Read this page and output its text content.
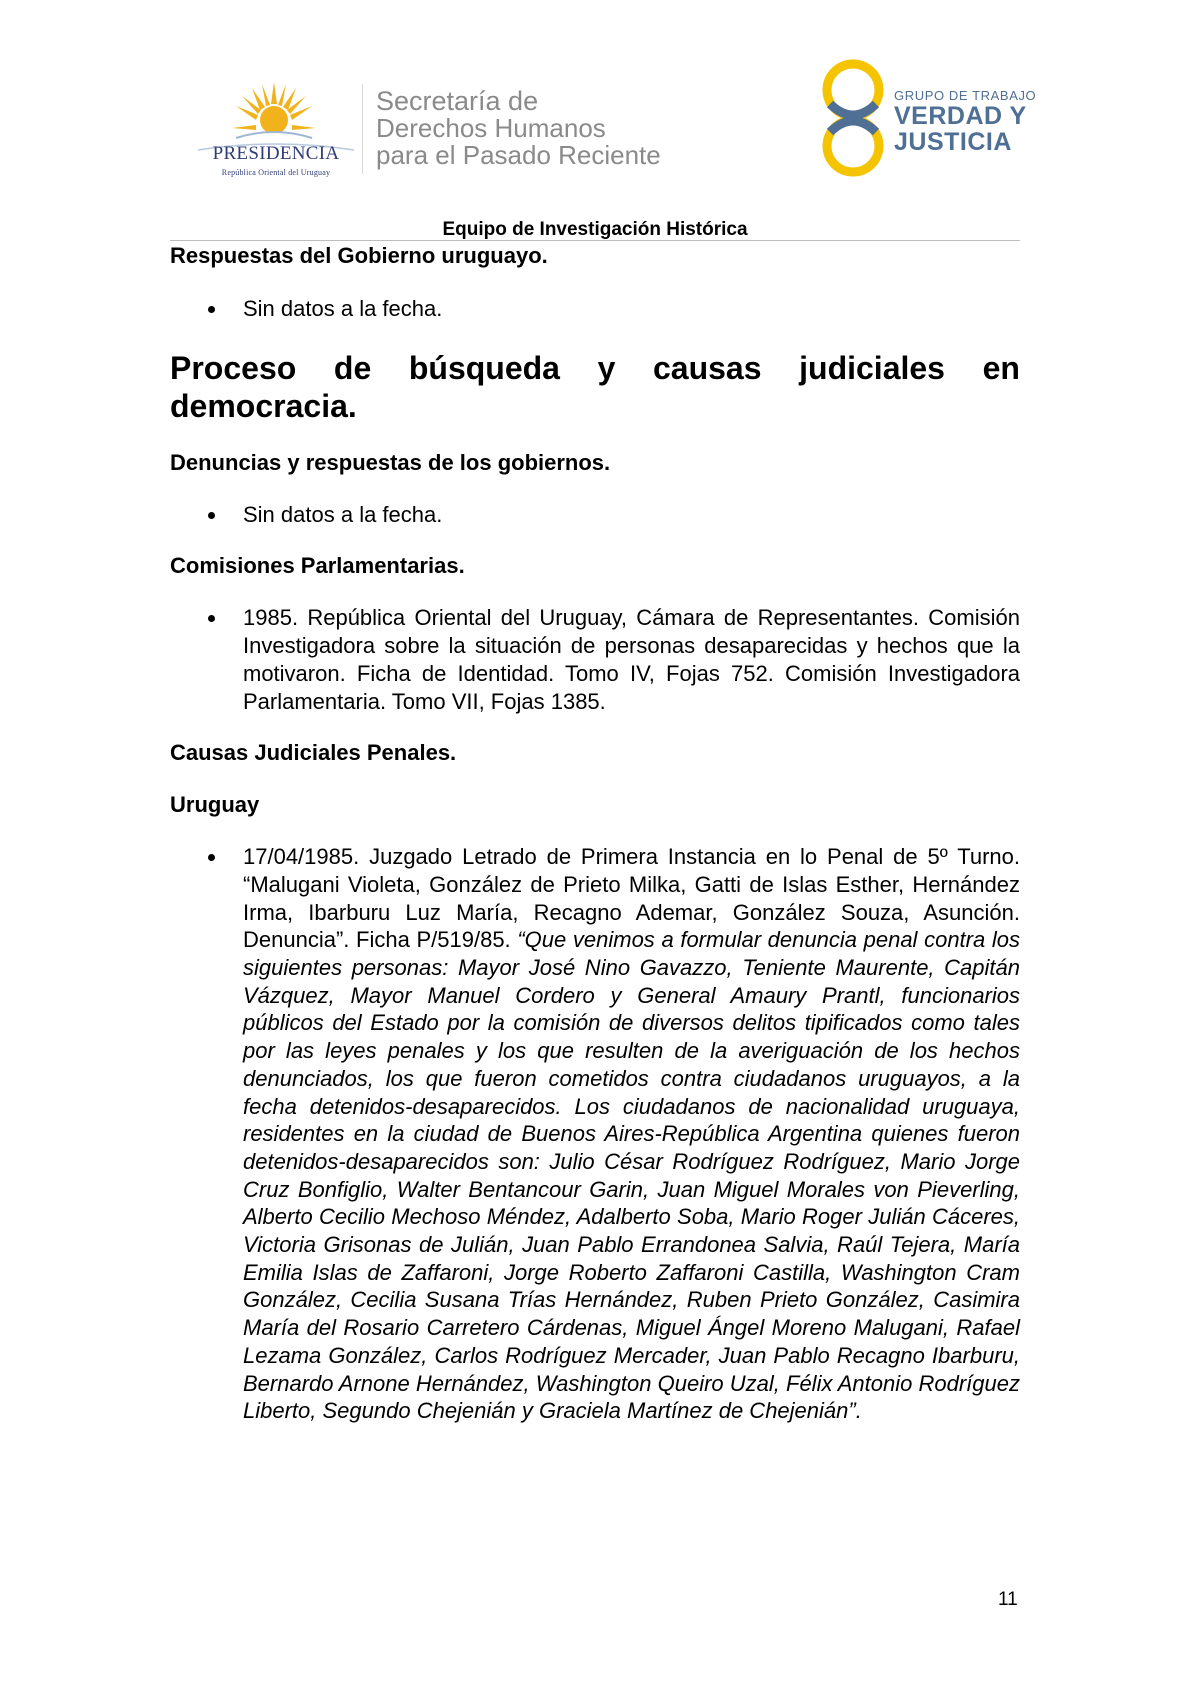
PRESIDENCIA
República Oriental del Uruguay
Secretaría de
Derechos Humanos
para el Pasado Reciente
GRUPO DE TRABAJO
VERDAD Y
JUSTICIA
Equipo de Investigación Histórica
Respuestas del Gobierno uruguayo.
Sin datos a la fecha.
Proceso de búsqueda y causas judiciales en
democracia.
Denuncias y respuestas de los gobiernos.
Sin datos a la fecha.
Comisiones Parlamentarias.
1985. República Oriental del Uruguay, Cámara de Representantes. Comisión Investigadora sobre la situación de personas desaparecidas y hechos que la motivaron. Ficha de Identidad. Tomo IV, Fojas 752. Comisión Investigadora Parlamentaria. Tomo VII, Fojas 1385.
Causas Judiciales Penales.
Uruguay
17/04/1985. Juzgado Letrado de Primera Instancia en lo Penal de 5º Turno. “Malugani Violeta, González de Prieto Milka, Gatti de Islas Esther, Hernández Irma, Ibarburu Luz María, Recagno Ademar, González Souza, Asunción. Denuncia”. Ficha P/519/85. “Que venimos a formular denuncia penal contra los siguientes personas: Mayor José Nino Gavazzo, Teniente Maurente, Capitán Vázquez, Mayor Manuel Cordero y General Amaury Prantl, funcionarios públicos del Estado por la comisión de diversos delitos tipificados como tales por las leyes penales y los que resulten de la averiguación de los hechos denunciados, los que fueron cometidos contra ciudadanos uruguayos, a la fecha detenidos-desaparecidos. Los ciudadanos de nacionalidad uruguaya, residentes en la ciudad de Buenos Aires-República Argentina quienes fueron detenidos-desaparecidos son: Julio César Rodríguez Rodríguez, Mario Jorge Cruz Bonfiglio, Walter Bentancour Garin, Juan Miguel Morales von Pieverling, Alberto Cecilio Mechoso Méndez, Adalberto Soba, Mario Roger Julián Cáceres, Victoria Grisonas de Julián, Juan Pablo Errandonea Salvia, Raúl Tejera, María Emilia Islas de Zaffaroni, Jorge Roberto Zaffaroni Castilla, Washington Cram González, Cecilia Susana Trías Hernández, Ruben Prieto González, Casimira María del Rosario Carretero Cárdenas, Miguel Ángel Moreno Malugani, Rafael Lezama González, Carlos Rodríguez Mercader, Juan Pablo Recagno Ibarburu, Bernardo Arnone Hernández, Washington Queiro Uzal, Félix Antonio Rodríguez Liberto, Segundo Chejenián y Graciela Martínez de Chejenián”.
11
